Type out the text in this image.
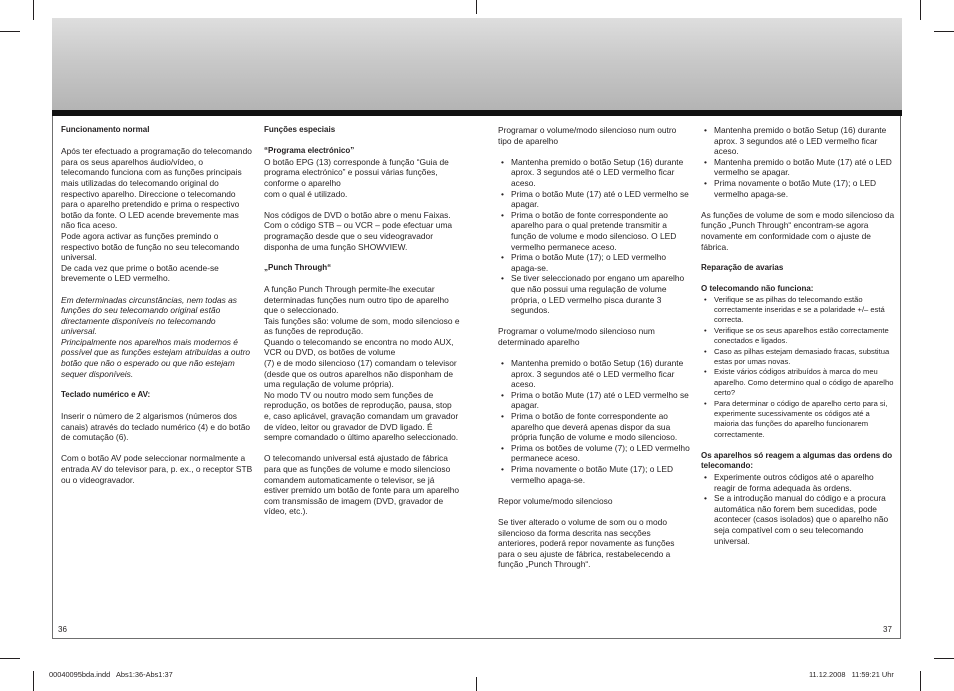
Funcionamento normal

Após ter efectuado a programação do telecomando para os seus aparelhos áudio/vídeo, o telecomando funciona com as funções principais mais utilizadas do telecomando original do respectivo aparelho. Direccione o telecomando para o aparelho pretendido e prima o respectivo botão da fonte. O LED acende brevemente mas não fica aceso.
Pode agora activar as funções premindo o respectivo botão de função no seu telecomando universal.
De cada vez que prime o botão acende-se brevemente o LED vermelho.

Em determinadas circunstâncias, nem todas as funções do seu telecomando original estão directamente disponíveis no telecomando universal.
Principalmente nos aparelhos mais modernos é possível que as funções estejam atribuídas a outro botão que não o esperado ou que não estejam sequer disponíveis.

Teclado numérico e AV:

Inserir o número de 2 algarismos (números dos canais) através do teclado numérico (4) e do botão de comutação (6).

Com o botão AV pode seleccionar normalmente a entrada AV do televisor para, p. ex., o receptor STB ou o videogravador.

Funções especiais

“Programa electrónico”

O botão EPG (13) corresponde à função “Guia de programa electrónico” e possui várias funções, conforme o aparelho
com o qual é utilizado.

Nos códigos de DVD o botão abre o menu Faixas. Com o código STB – ou VCR – pode efectuar uma programação desde que o seu videogravador disponha de uma função SHOWVIEW.

„Punch Through“

A função Punch Through permite-lhe executar determinadas funções num outro tipo de aparelho que o seleccionado.
Tais funções são: volume de som, modo silencioso e as funções de reprodução.
Quando o telecomando se encontra no modo AUX, VCR ou DVD, os botões de volume
(7) e de modo silencioso (17) comandam o televisor (desde que os outros aparelhos não disponham de uma regulação de volume própria).
No modo TV ou noutro modo sem funções de reprodução, os botões de reprodução, pausa, stop e, caso aplicável, gravação comandam um gravador de vídeo, leitor ou gravador de DVD ligado. É sempre comandado o último aparelho seleccionado.

O telecomando universal está ajustado de fábrica para que as funções de volume e modo silencioso comandem automaticamente o televisor, se já estiver premido um botão de fonte para um aparelho com transmissão de imagem (DVD, gravador de vídeo, etc.).

Programar o volume/modo silencioso num outro tipo de aparelho

• Mantenha premido o botão Setup (16) durante aprox. 3 segundos até o LED vermelho ficar aceso.
• Prima o botão Mute (17) até o LED vermelho se apagar.
• Prima o botão de fonte correspondente ao aparelho para o qual pretende transmitir a função de volume e modo silencioso. O LED vermelho permanece aceso.
• Prima o botão Mute (17); o LED vermelho apaga-se.
• Se tiver seleccionado por engano um aparelho que não possui uma regulação de volume própria, o LED vermelho pisca durante 3 segundos.

Programar o volume/modo silencioso num determinado aparelho

• Mantenha premido o botão Setup (16) durante aprox. 3 segundos até o LED vermelho ficar aceso.
• Prima o botão Mute (17) até o LED vermelho se apagar.
• Prima o botão de fonte correspondente ao aparelho que deverá apenas dispor da sua própria função de volume e modo silencioso.
• Prima os botões de volume (7); o LED vermelho permanece aceso.
• Prima novamente o botão Mute (17); o LED vermelho apaga-se.

Repor volume/modo silencioso

Se tiver alterado o volume de som ou o modo silencioso da forma descrita nas secções anteriores, poderá repor novamente as funções para o seu ajuste de fábrica, restabelecendo a função „Punch Through“.

• Mantenha premido o botão Setup (16) durante aprox. 3 segundos até o LED vermelho ficar aceso.
• Mantenha premido o botão Mute (17) até o LED vermelho se apagar.
• Prima novamente o botão Mute (17); o LED vermelho apaga-se.

As funções de volume de som e modo silencioso da função „Punch Through“ encontram-se agora novamente em conformidade com o ajuste de fábrica.

Reparação de avarias

O telecomando não funciona:

• Verifique se as pilhas do telecomando estão correctamente inseridas e se a polaridade +/– está correcta.
• Verifique se os seus aparelhos estão correctamente conectados e ligados.
• Caso as pilhas estejam demasiado fracas, substitua estas por umas novas.
• Existe vários códigos atribuídos à marca do meu aparelho. Como determino qual o código de aparelho certo?
• Para determinar o código de aparelho certo para si, experimente sucessivamente os códigos até a maioria das funções do aparelho funcionarem correctamente.

Os aparelhos só reagem a algumas das ordens do telecomando:

• Experimente outros códigos até o aparelho reagir de forma adequada às ordens.
• Se a introdução manual do código e a procura automática não forem bem sucedidas, pode acontecer (casos isolados) que o aparelho não seja compatível com o seu telecomando universal.
36	37
00040095bda.indd   Abs1:36-Abs1:37	11.12.2008   11:59:21 Uhr
